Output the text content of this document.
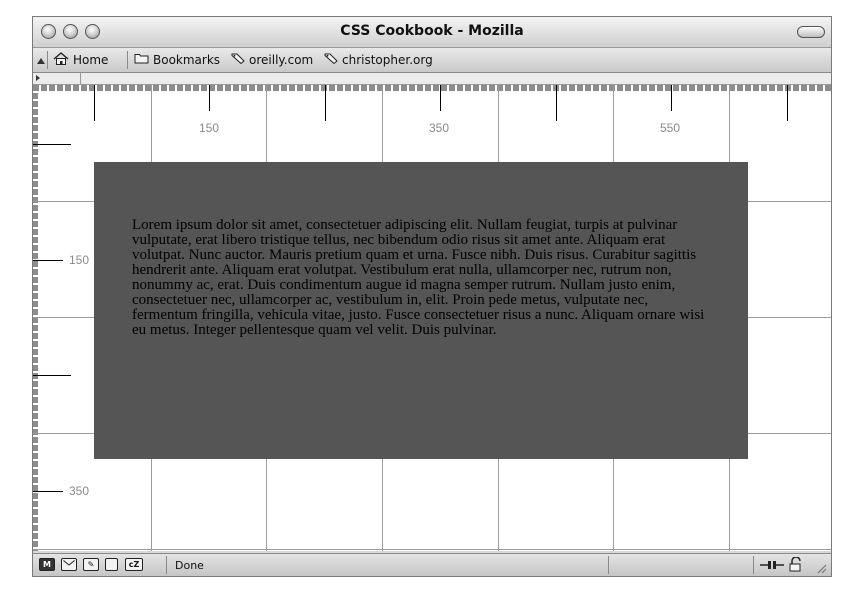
CSS Cookbook - Mozilla
Home	Bookmarks oreilly.com christopher.org
150	350	550
150
350

Lorem ipsum dolor sit amet, consectetuer adipiscing elit. Nullam feugiat, turpis at pulvinar vulputate, erat libero tristique tellus, nec bibendum odio risus sit amet ante. Aliquam erat volutpat. Nunc auctor. Mauris pretium quam et urna. Fusce nibh. Duis risus. Curabitur sagittis hendrerit ante. Aliquam erat volutpat. Vestibulum erat nulla, ullamcorper nec, rutrum non, nonummy ac, erat. Duis condimentum augue id magna semper rutrum. Nullam justo enim, consectetuer nec, ullamcorper ac, vestibulum in, elit. Proin pede metus, vulputate nec, fermentum fringilla, vehicula vitae, justo. Fusce consectetuer risus a nunc. Aliquam ornare wisi eu metus. Integer pellentesque quam vel velit. Duis pulvinar.

M	✎	cZ	Done
